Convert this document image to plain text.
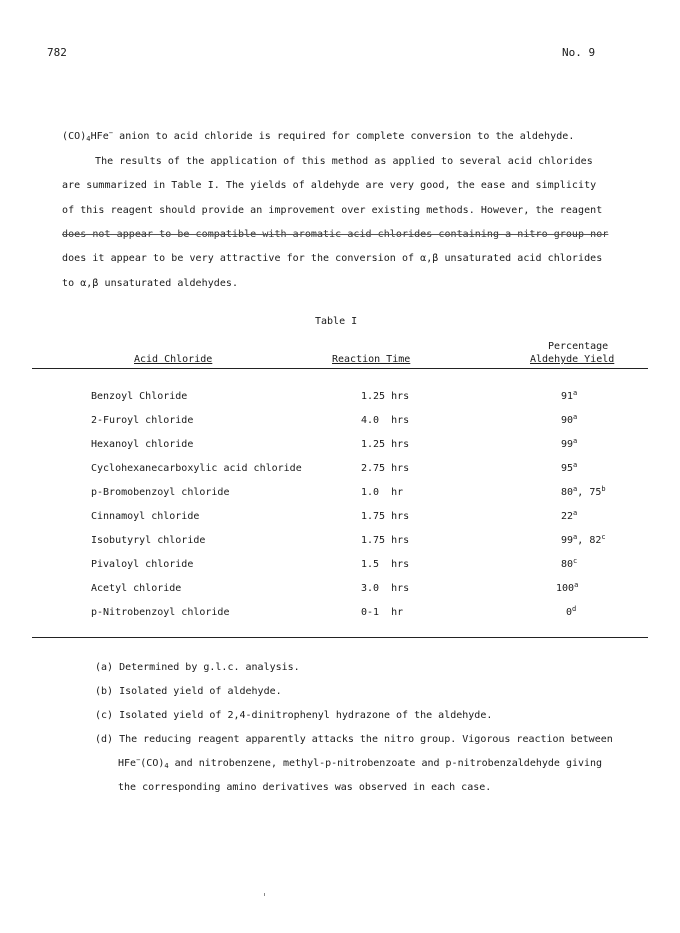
782	No. 9
$(CO)_4HFe^-$ anion to acid chloride is required for complete conversion to the aldehyde.
The results of the application of this method as applied to several acid chlorides
are summarized in Table I. The yields of aldehyde are very good, the ease and simplicity
of this reagent should provide an improvement over existing methods. However, the reagent
does not appear to be compatible with aromatic acid chlorides containing a nitro group nor
does it appear to be very attractive for the conversion of α,β unsaturated acid chlorides
to α,β unsaturated aldehydes.
Table I
Percentage
Acid Chloride	Reaction Time	Aldehyde Yield
Benzoyl Chloride	1.25 hrs	91$^a$
2-Furoyl chloride	4.0  hrs	90$^a$
Hexanoyl chloride	1.25 hrs	99$^a$
Cyclohexanecarboxylic acid chloride	2.75 hrs	95$^a$
p-Bromobenzoyl chloride	1.0  hr	80$^a$, 75$^b$
Cinnamoyl chloride	1.75 hrs	22$^a$
Isobutyryl chloride	1.75 hrs	99$^a$, 82$^c$
Pivaloyl chloride	1.5  hrs	80$^c$
Acetyl chloride	3.0  hrs	100$^a$
p-Nitrobenzoyl chloride	0-1  hr	0$^d$
(a) Determined by g.l.c. analysis.
(b) Isolated yield of aldehyde.
(c) Isolated yield of 2,4-dinitrophenyl hydrazone of the aldehyde.
(d) The reducing reagent apparently attacks the nitro group. Vigorous reaction between
$HFe^-(CO)_4$ and nitrobenzene, methyl-p-nitrobenzoate and p-nitrobenzaldehyde giving
the corresponding amino derivatives was observed in each case.
